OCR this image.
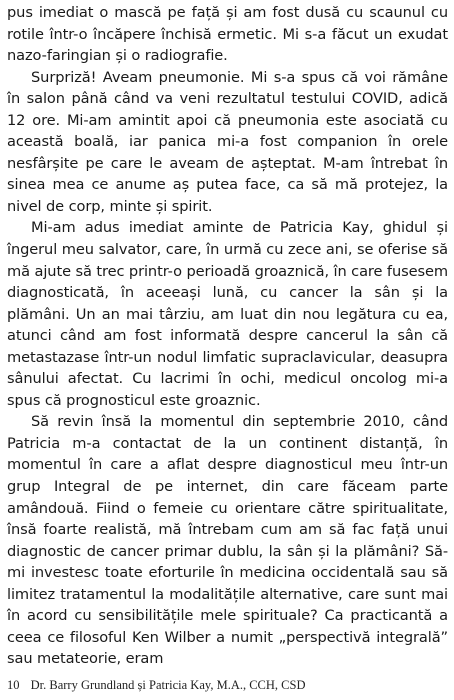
pus imediat o mască pe față și am fost dusă cu scaunul cu rotile într-o încăpere închisă ermetic. Mi s-a făcut un exudat nazo-faringian și o radiografie.

Surpriză! Aveam pneumonie. Mi s-a spus că voi rămâne în salon până când va veni rezultatul testului COVID, adică 12 ore. Mi-am amintit apoi că pneumonia este asociată cu această boală, iar panica mi-a fost companion în orele nesfârșite pe care le aveam de așteptat. M-am întrebat în sinea mea ce anume aș putea face, ca să mă protejez, la nivel de corp, minte și spirit.

Mi-am adus imediat aminte de Patricia Kay, ghidul și îngerul meu salvator, care, în urmă cu zece ani, se oferise să mă ajute să trec printr-o perioadă groaznică, în care fusesem diagnosticată, în aceeași lună, cu cancer la sân și la plămâni. Un an mai târziu, am luat din nou legătura cu ea, atunci când am fost informată despre cancerul la sân că metastazase într-un nodul limfatic supraclavicular, deasupra sânului afectat. Cu lacrimi în ochi, medicul oncolog mi-a spus că prognosticul este groaznic.

Să revin însă la momentul din septembrie 2010, când Patricia m-a contactat de la un continent distanță, în momentul în care a aflat despre diagnosticul meu într-un grup Integral de pe internet, din care făceam parte amândouă. Fiind o femeie cu orientare către spiritualitate, însă foarte realistă, mă întrebam cum am să fac față unui diagnostic de cancer primar dublu, la sân și la plămâni? Să-mi investesc toate eforturile în medicina occidentală sau să limitez tratamentul la modalitățile alternative, care sunt mai în acord cu sensibilitățile mele spirituale? Ca practicantă a ceea ce filosoful Ken Wilber a numit „perspectivă integrală” sau metateorie, eram

10 Dr. Barry Grundland și Patricia Kay, M.A., CCH, CSD
